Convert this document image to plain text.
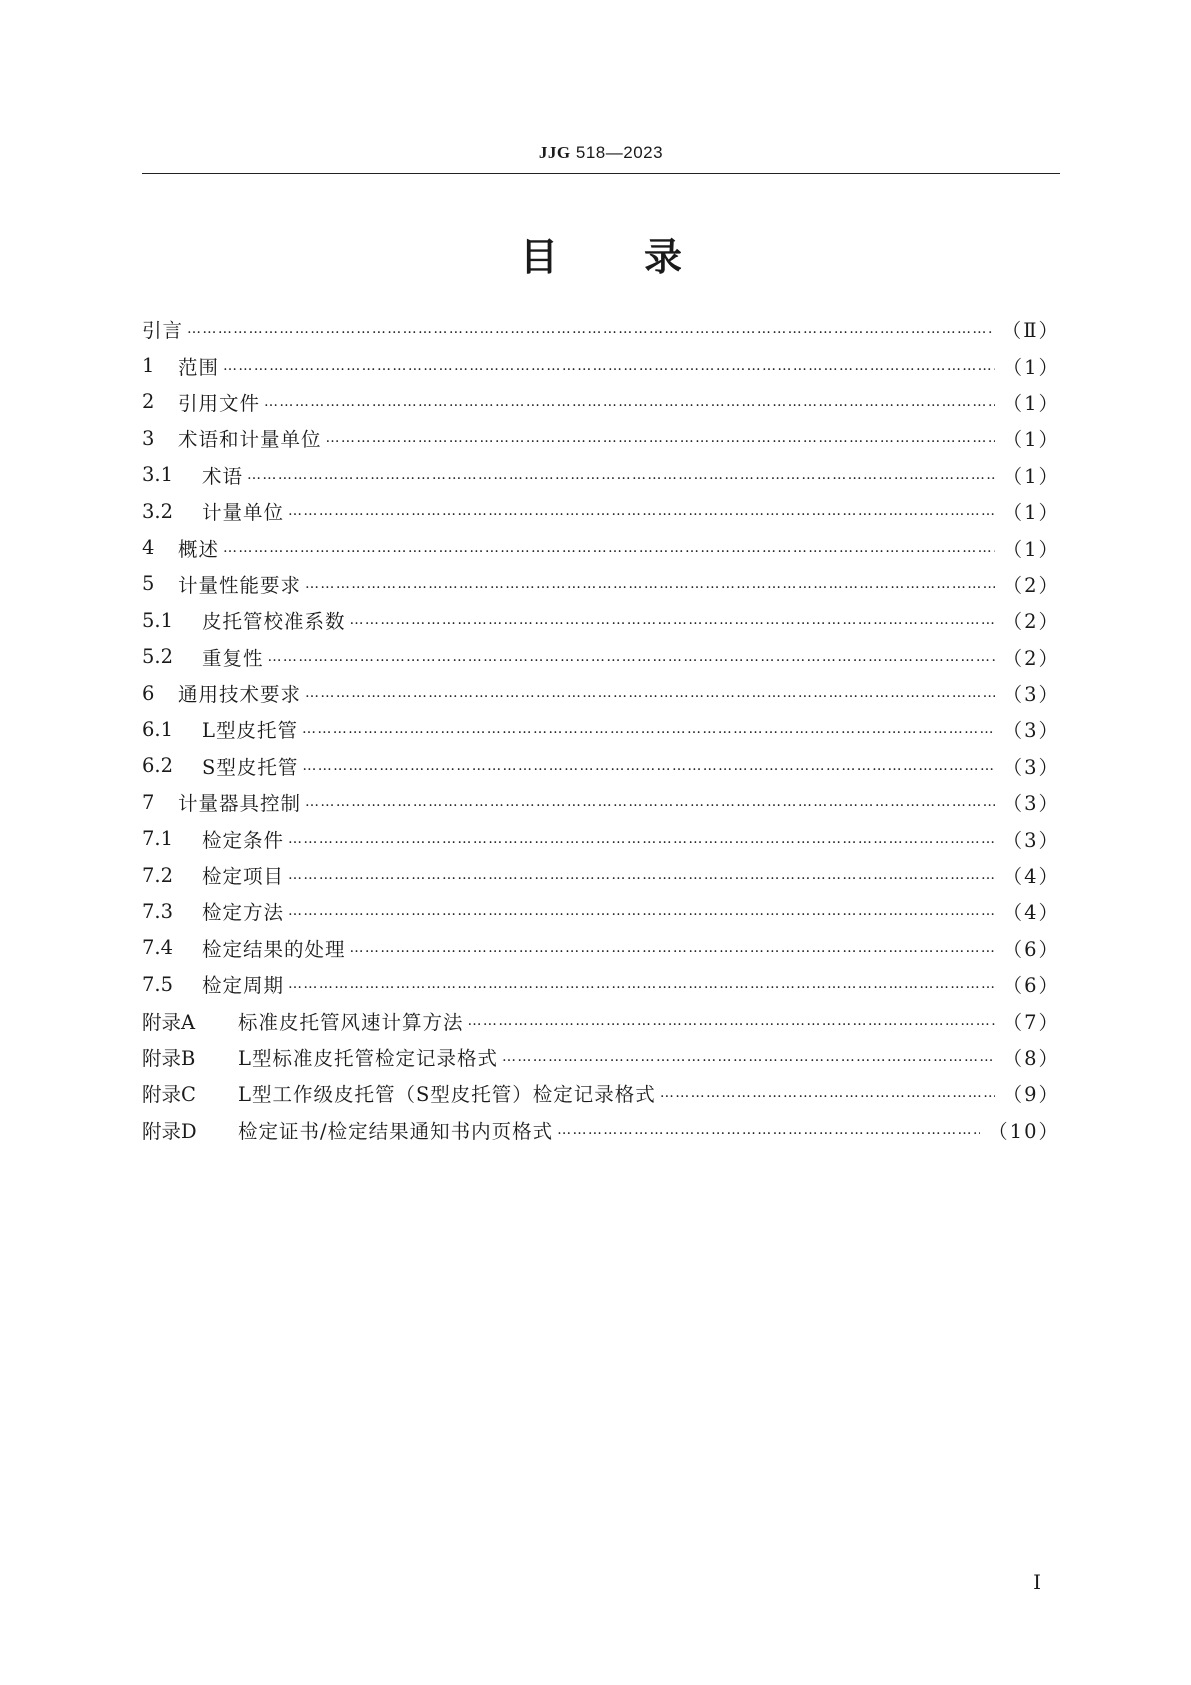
JJG 518—2023
目 录
引言 …………………………………………………………………………………………………………………………………………………………………………………	（Ⅱ）
1	范围 …………………………………………………………………………………………………………………………………………………………………………………	（1）
2	引用文件 …………………………………………………………………………………………………………………………………………………………………………………	（1）
3	术语和计量单位 …………………………………………………………………………………………………………………………………………………………………………………	（1）
3.1	术语 …………………………………………………………………………………………………………………………………………………………………………………	（1）
3.2	计量单位 …………………………………………………………………………………………………………………………………………………………………………………	（1）
4	概述 …………………………………………………………………………………………………………………………………………………………………………………	（1）
5	计量性能要求 …………………………………………………………………………………………………………………………………………………………………………………	（2）
5.1	皮托管校准系数 …………………………………………………………………………………………………………………………………………………………………………………	（2）
5.2	重复性 …………………………………………………………………………………………………………………………………………………………………………………	（2）
6	通用技术要求 …………………………………………………………………………………………………………………………………………………………………………………	（3）
6.1	L型皮托管 …………………………………………………………………………………………………………………………………………………………………………………	（3）
6.2	S型皮托管 …………………………………………………………………………………………………………………………………………………………………………………	（3）
7	计量器具控制 …………………………………………………………………………………………………………………………………………………………………………………	（3）
7.1	检定条件 …………………………………………………………………………………………………………………………………………………………………………………	（3）
7.2	检定项目 …………………………………………………………………………………………………………………………………………………………………………………	（4）
7.3	检定方法 …………………………………………………………………………………………………………………………………………………………………………………	（4）
7.4	检定结果的处理 …………………………………………………………………………………………………………………………………………………………………………………	（6）
7.5	检定周期 …………………………………………………………………………………………………………………………………………………………………………………	（6）
附录A	标准皮托管风速计算方法 …………………………………………………………………………………………………………………………………………………………………………………	（7）
附录B	L型标准皮托管检定记录格式 …………………………………………………………………………………………………………………………………………………………………………………	（8）
附录C	L型工作级皮托管（S型皮托管）检定记录格式 …………………………………………………………………………………………………………………………………………………………………………………	（9）
附录D	检定证书/检定结果通知书内页格式 …………………………………………………………………………………………………………………………………………………………………………………	（10）
I
